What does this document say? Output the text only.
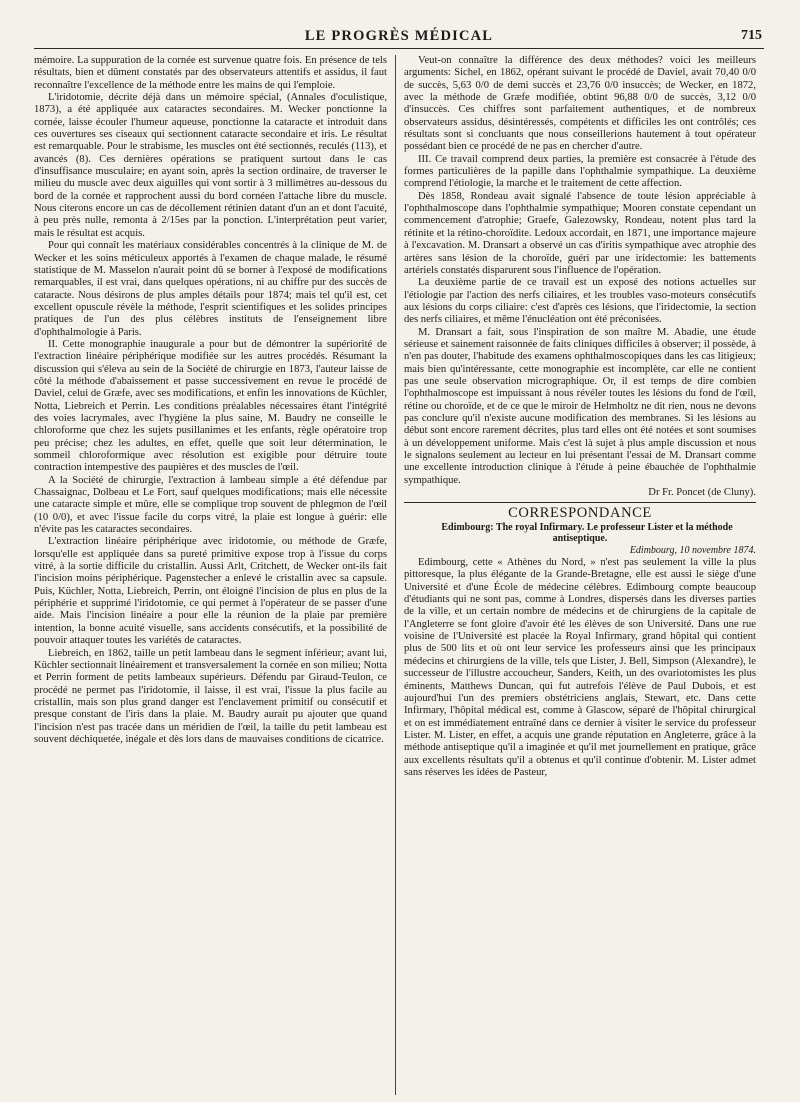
LE PROGRÈS MÉDICAL	715

mémoire. La suppuration de la cornée est survenue quatre fois. En présence de tels résultats, bien et dûment constatés par des observateurs attentifs et assidus, il faut reconnaître l'excellence de la méthode entre les mains de qui l'emploie.

L'iridotomie, décrite déjà dans un mémoire spécial, (Annales d'oculistique, 1873), a été appliquée aux cataractes secondaires. M. Wecker ponctionne la cornée, laisse écouler l'humeur aqueuse, ponctionne la cataracte et introduit dans ces ouvertures ses ciseaux qui sectionnent cataracte secondaire et iris. Le résultat est remarquable. Pour le strabisme, les muscles ont été sectionnés, reculés (113), et avancés (8). Ces dernières opérations se pratiquent surtout dans le cas d'insuffisance musculaire; en ayant soin, après la section ordinaire, de traverser le milieu du muscle avec deux aiguilles qui vont sortir à 3 millimètres au-dessous du bord de la cornée et rapprochent aussi du bord cornéen l'attache libre du muscle. Nous citerons encore un cas de décollement rétinien datant d'un an et dont l'acuité, à peu près nulle, remonta à 2/15es par la ponction. L'interprétation peut varier, mais le résultat est acquis.

Pour qui connaît les matériaux considérables concentrés à la clinique de M. de Wecker et les soins méticuleux apportés à l'examen de chaque malade, le résumé statistique de M. Masselon n'aurait point dû se borner à l'exposé de modifications remarquables, il est vrai, dans quelques opérations, ni au chiffre pur des succès de cataracte. Nous désirons de plus amples détails pour 1874; mais tel qu'il est, cet excellent opuscule révèle la méthode, l'esprit scientifiques et les solides principes pratiques de l'un des plus célèbres instituts de l'enseignement libre d'ophthalmologie à Paris.

II. Cette monographie inaugurale a pour but de démontrer la supériorité de l'extraction linéaire périphérique modifiée sur les autres procédés. Résumant la discussion qui s'éleva au sein de la Société de chirurgie en 1873, l'auteur laisse de côté la méthode d'abaissement et passe successivement en revue le procédé de Daviel, celui de Græfe, avec ses modifications, et enfin les innovations de Küchler, Notta, Liebreich et Perrin. Les conditions préalables nécessaires étant l'intégrité des voies lacrymales, avec l'hygiène la plus saine, M. Baudry ne conseille le chloroforme que chez les sujets pusillanimes et les enfants, règle opératoire trop peu précise; chez les adultes, en effet, quelle que soit leur détermination, le sommeil chloroformique avec résolution est exigible pour détruire toute contraction intempestive des paupières et des muscles de l'œil.

A la Société de chirurgie, l'extraction à lambeau simple a été défendue par Chassaignac, Dolbeau et Le Fort, sauf quelques modifications; mais elle nécessite une cataracte simple et mûre, elle se complique trop souvent de phlegmon de l'œil (10 0/0), et avec l'issue facile du corps vitré, la plaie est longue à guérir: elle n'évite pas les cataractes secondaires.

L'extraction linéaire périphérique avec iridotomie, ou méthode de Græfe, lorsqu'elle est appliquée dans sa pureté primitive expose trop à l'issue du corps vitré, à la sortie difficile du cristallin. Aussi Arlt, Critchett, de Wecker ont-ils fait l'incision moins périphérique. Pagenstecher a enlevé le cristallin avec sa capsule. Puis, Küchler, Notta, Liebreich, Perrin, ont éloigné l'incision de plus en plus de la périphérie et supprimé l'iridotomie, ce qui permet à l'opérateur de se passer d'une aide. Mais l'incision linéaire a pour elle la réunion de la plaie par première intention, la bonne acuité visuelle, sans accidents consécutifs, et la possibilité de pouvoir attaquer toutes les variétés de cataractes.

Liebreich, en 1862, taille un petit lambeau dans le segment inférieur; avant lui, Küchler sectionnait linéairement et transversalement la cornée en son milieu; Notta et Perrin forment de petits lambeaux supérieurs. Défendu par Giraud-Teulon, ce procédé ne permet pas l'iridotomie, il laisse, il est vrai, l'issue la plus facile au cristallin, mais son plus grand danger est l'enclavement primitif ou consécutif et presque constant de l'iris dans la plaie. M. Baudry aurait pu ajouter que quand l'incision n'est pas tracée dans un méridien de l'œil, la taille du petit lambeau est souvent déchiquetée, inégale et dès lors dans de mauvaises conditions de cicatrice.

Veut-on connaître la différence des deux méthodes? voici les meilleurs arguments: Sichel, en 1862, opérant suivant le procédé de Daviel, avait 70,40 0/0 de succès, 5,63 0/0 de demi succès et 23,76 0/0 insuccès; de Wecker, en 1872, avec la méthode de Græfe modifiée, obtint 96,88 0/0 de succès, 3,12 0/0 d'insuccès. Ces chiffres sont parfaitement authentiques, et de nombreux observateurs assidus, désintéressés, compétents et difficiles les ont contrôlés; ces résultats sont si concluants que nous conseillerions hautement à tout opérateur possédant bien ce procédé de ne pas en chercher d'autre.

III. Ce travail comprend deux parties, la première est consacrée à l'étude des formes particulières de la papille dans l'ophthalmie sympathique. La deuxième comprend l'étiologie, la marche et le traitement de cette affection.

Dès 1858, Rondeau avait signalé l'absence de toute lésion appréciable à l'ophthalmoscope dans l'ophthalmie sympathique; Mooren constate cependant un commencement d'atrophie; Graefe, Galezowsky, Rondeau, notent plus tard la rétinite et la rétino-choroïdite. Ledoux accordait, en 1871, une importance majeure à l'excavation. M. Dransart a observé un cas d'iritis sympathique avec atrophie des artères sans lésion de la choroïde, guéri par une iridectomie: les battements artériels constatés disparurent sous l'influence de l'opération.

La deuxième partie de ce travail est un exposé des notions actuelles sur l'étiologie par l'action des nerfs ciliaires, et les troubles vaso-moteurs consécutifs aux lésions du corps ciliaire: c'est d'après ces lésions, que l'iridectomie, la section des nerfs ciliaires, et même l'énucléation ont été préconisées.

M. Dransart a fait, sous l'inspiration de son maître M. Abadie, une étude sérieuse et sainement raisonnée de faits cliniques difficiles à observer; il possède, à n'en pas douter, l'habitude des examens ophthalmoscopiques dans les cas litigieux; mais bien qu'intéressante, cette monographie est incomplète, car elle ne contient pas une seule observation micrographique. Or, il est temps de dire combien l'ophthalmoscope est impuissant à nous révéler toutes les lésions du fond de l'œil, rétine ou choroïde, et de ce que le miroir de Helmholtz ne dit rien, nous ne devons pas conclure qu'il n'existe aucune modification des membranes. Si les lésions au début sont encore rarement décrites, plus tard elles ont été notées et sont soumises à un développement uniforme. Mais c'est là sujet à plus ample discussion et nous le signalons seulement au lecteur en lui présentant l'essai de M. Dransart comme une excellente introduction clinique à l'étude à peine ébauchée de l'ophthalmie sympathique.

Dr Fr. Poncet (de Cluny).

CORRESPONDANCE

Edimbourg: The royal Infirmary. Le professeur Lister et la méthode antiseptique.

Edimbourg, 10 novembre 1874.

Edimbourg, cette « Athènes du Nord, » n'est pas seulement la ville la plus pittoresque, la plus élégante de la Grande-Bretagne, elle est aussi le siège d'une Université et d'une École de médecine célèbres. Edimbourg compte beaucoup d'étudiants qui ne sont pas, comme à Londres, dispersés dans les diverses parties de la ville, et un certain nombre de médecins et de chirurgiens de la capitale de l'Angleterre se font gloire d'avoir été les élèves de son Université. Dans une rue voisine de l'Université est placée la Royal Infirmary, grand hôpital qui contient plus de 500 lits et où ont leur service les professeurs ainsi que les principaux médecins et chirurgiens de la ville, tels que Lister, J. Bell, Simpson (Alexandre), le successeur de l'illustre accoucheur, Sanders, Keith, un des ovariotomistes les plus éminents, Matthews Duncan, qui fut autrefois l'élève de Paul Dubois, et est aujourd'hui l'un des premiers obstétriciens anglais, Stewart, etc. Dans cette Infirmary, l'hôpital médical est, comme à Glascow, séparé de l'hôpital chirurgical et on est immédiatement entraîné dans ce dernier à visiter le service du professeur Lister. M. Lister, en effet, a acquis une grande réputation en Angleterre, grâce à la méthode antiseptique qu'il a imaginée et qu'il met journellement en pratique, grâce aux excellents résultats qu'il a obtenus et qu'il continue d'obtenir. M. Lister admet sans réserves les idées de Pasteur,
